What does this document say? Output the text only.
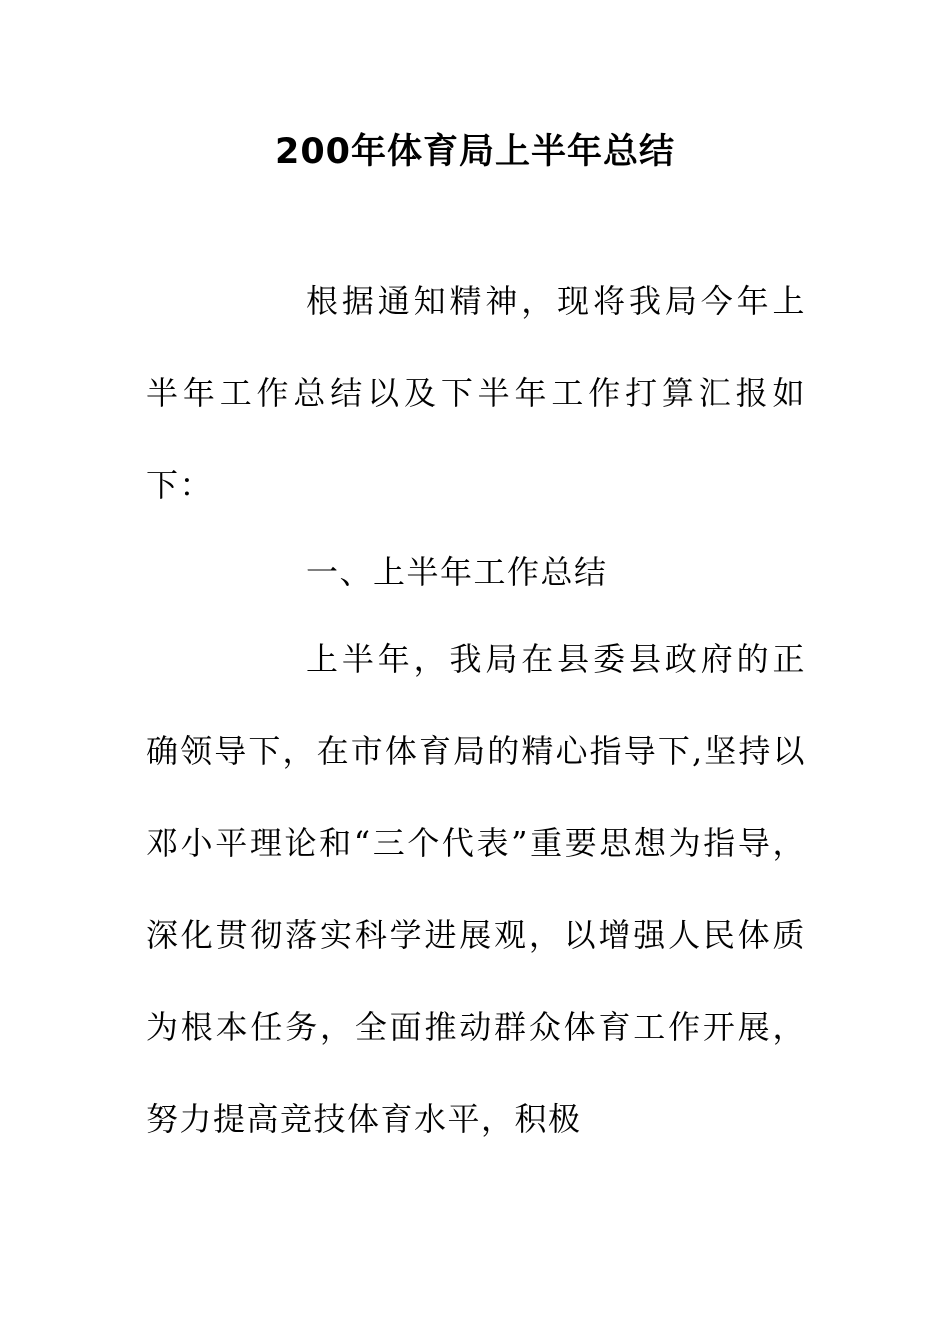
200年体育局上半年总结

根据通知精神，现将我局今年上半年工作总结以及下半年工作打算汇报如下：

一、上半年工作总结

上半年，我局在县委县政府的正确领导下，在市体育局的精心指导下,坚持以邓小平理论和“三个代表”重要思想为指导，深化贯彻落实科学进展观，以增强人民体质为根本任务，全面推动群众体育工作开展，努力提高竞技体育水平，积极
